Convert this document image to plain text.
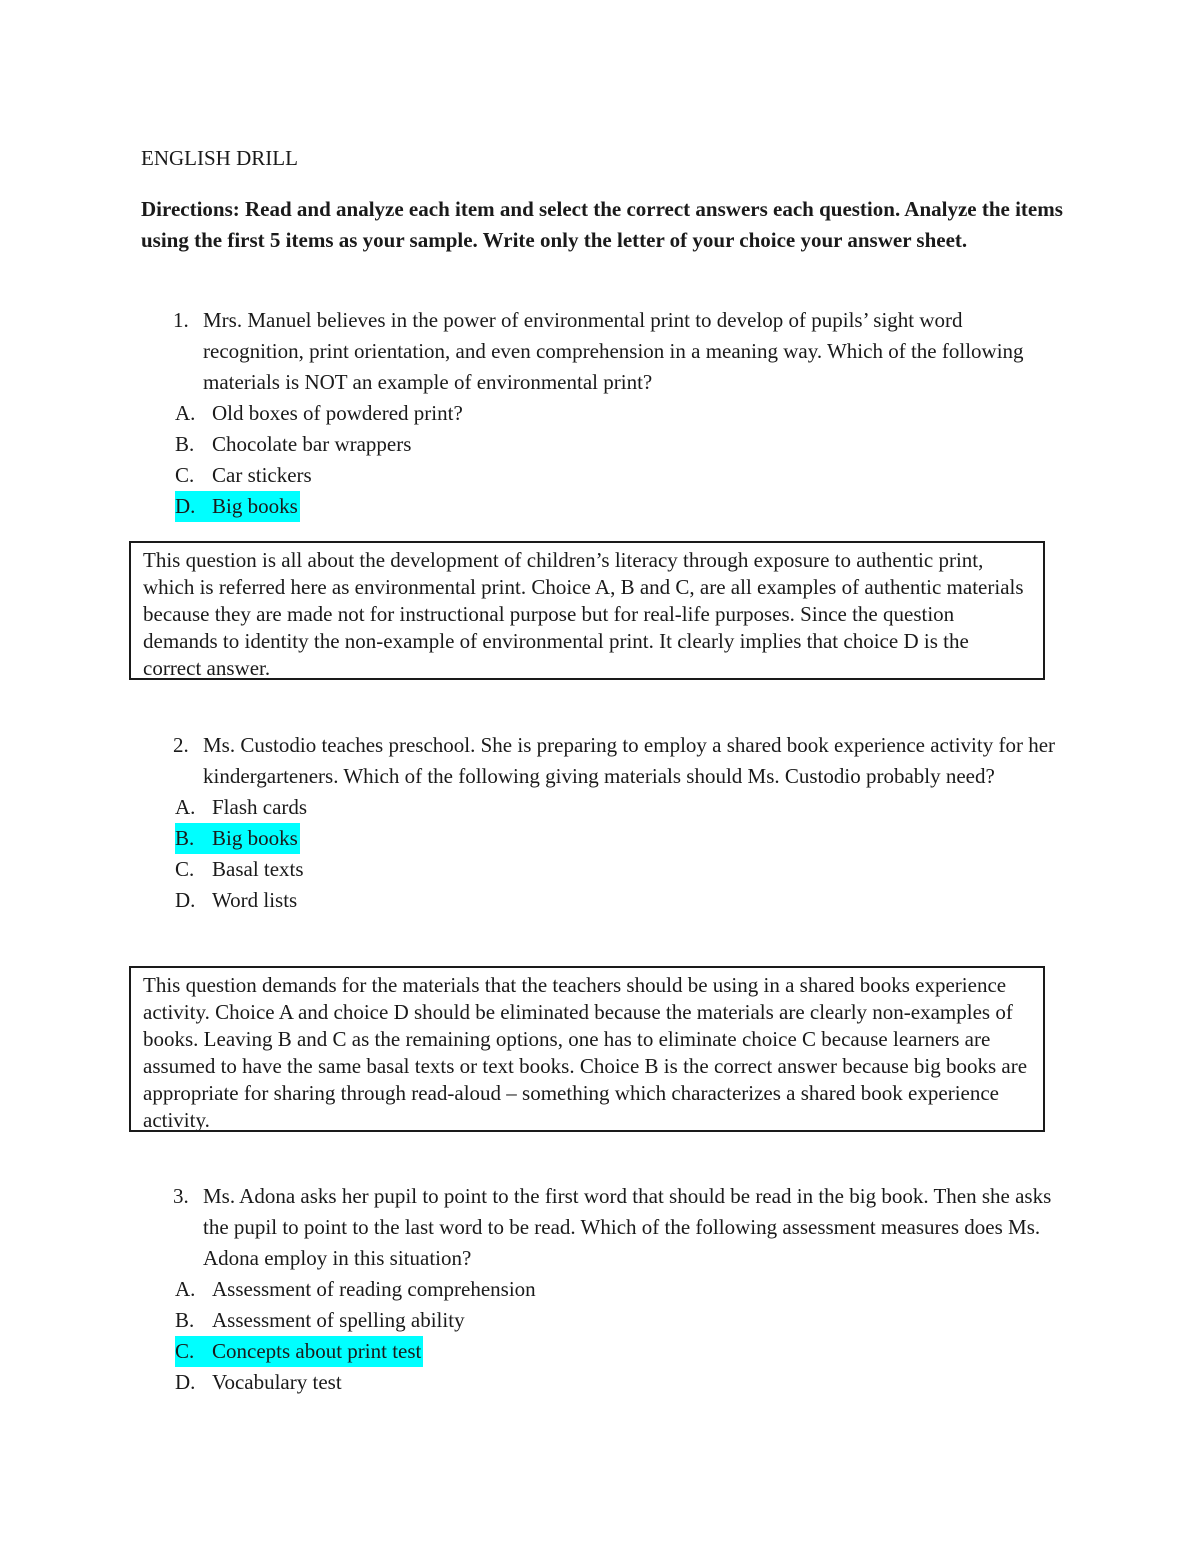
ENGLISH DRILL
Directions: Read and analyze each item and select the correct answers each question. Analyze the items using the first 5 items as your sample. Write only the letter of your choice your answer sheet.
1. Mrs. Manuel believes in the power of environmental print to develop of pupils’ sight word recognition, print orientation, and even comprehension in a meaning way. Which of the following materials is NOT an example of environmental print?
A. Old boxes of powdered print?
B. Chocolate bar wrappers
C. Car stickers
D. Big books
This question is all about the development of children’s literacy through exposure to authentic print, which is referred here as environmental print. Choice A, B and C, are all examples of authentic materials because they are made not for instructional purpose but for real-life purposes. Since the question demands to identity the non-example of environmental print. It clearly implies that choice D is the correct answer.
2. Ms. Custodio teaches preschool. She is preparing to employ a shared book experience activity for her kindergarteners. Which of the following giving materials should Ms. Custodio probably need?
A. Flash cards
B. Big books
C. Basal texts
D. Word lists
This question demands for the materials that the teachers should be using in a shared books experience activity. Choice A and choice D should be eliminated because the materials are clearly non-examples of books. Leaving B and C as the remaining options, one has to eliminate choice C because learners are assumed to have the same basal texts or text books. Choice B is the correct answer because big books are appropriate for sharing through read-aloud – something which characterizes a shared book experience activity.
3. Ms. Adona asks her pupil to point to the first word that should be read in the big book. Then she asks the pupil to point to the last word to be read. Which of the following assessment measures does Ms. Adona employ in this situation?
A. Assessment of reading comprehension
B. Assessment of spelling ability
C. Concepts about print test
D. Vocabulary test
